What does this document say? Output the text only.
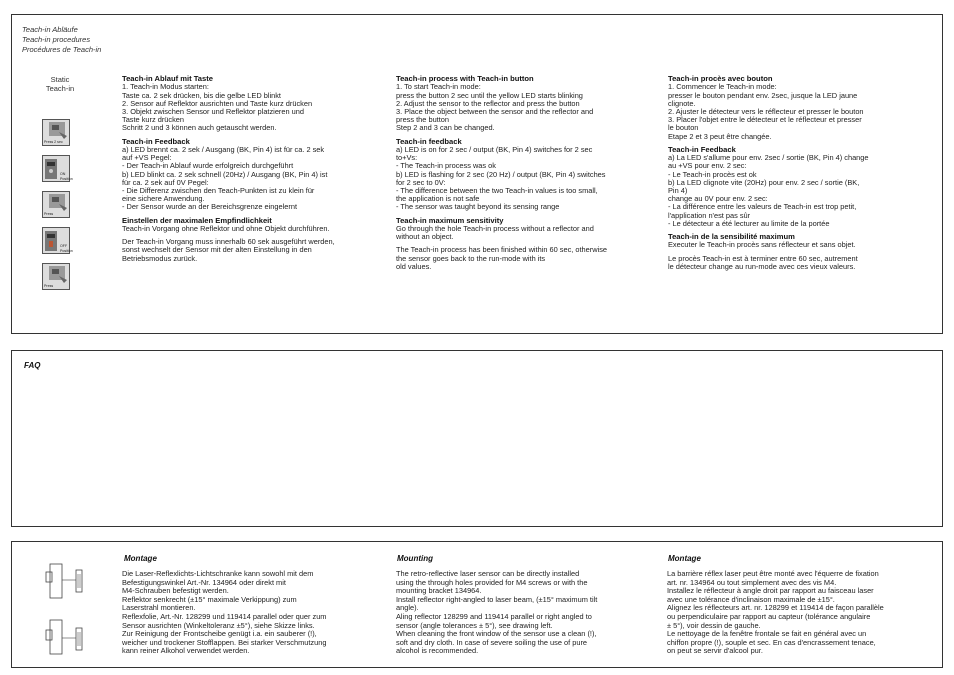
Teach-in Abläufe
Teach-in procedures
Procédures de Teach-in
Static
Teach-in
Press 2 sec
ON
Position
Press
OFF
Position
Press
Teach-in Ablauf mit Taste

1. Teach-in Modus starten:
Taste ca. 2 sek drücken, bis die gelbe LED blinkt
2. Sensor auf Reflektor ausrichten und Taste kurz drücken
3. Objekt zwischen Sensor und Reflektor platzieren und
Taste kurz drücken
Schritt 2 und 3 können auch getauscht werden.

Teach-in Feedback

a) LED brennt ca. 2 sek / Ausgang (BK, Pin 4) ist für ca. 2 sek
auf +VS Pegel:
- Der Teach-in Ablauf wurde erfolgreich durchgeführt
b) LED blinkt ca. 2 sek schnell (20Hz) / Ausgang (BK, Pin 4) ist
für ca. 2 sek auf 0V Pegel:
- Die Differenz zwischen den Teach-Punkten ist zu klein für
eine sichere Anwendung.
- Der Sensor wurde an der Bereichsgrenze eingelernt

Einstellen der maximalen Empfindlichkeit

Teach-in Vorgang ohne Reflektor und ohne Objekt durchführen.

Der Teach-in Vorgang muss innerhalb 60 sek ausgeführt werden,
sonst wechselt der Sensor mit der alten Einstellung in den
Betriebsmodus zurück.

Teach-in process with Teach-in button

1. To start Teach-in mode:
press the button 2 sec until the yellow LED starts blinking
2. Adjust the sensor to the reflector and press the button
3. Place the object between the sensor and the reflector and
press the button
Step 2 and 3 can be changed.

Teach-in feedback

a) LED is on for 2 sec / output (BK, Pin 4) switches for 2 sec
to+Vs:
- The Teach-in process was ok
b) LED is flashing for 2 sec (20 Hz) / output (BK, Pin 4) switches
for 2 sec to 0V:
- The difference between the two Teach-in values is too small,
the application is not safe
- The sensor was taught beyond its sensing range

Teach-in maximum sensitivity

Go through the hole Teach-in process without a reflector and
without an object.

The Teach-in process has been finished within 60 sec, otherwise
the sensor goes back to the run-mode with its
old values.

Teach-in procès avec bouton

1. Commencer le Teach-in mode:
presser le bouton pendant env. 2sec, jusque la LED jaune
clignote.
2. Ajuster le détecteur vers le réflecteur et presser le bouton
3. Placer l'objet entre le détecteur et le réflecteur et presser
le bouton
Etape 2 et 3 peut être changée.

Teach-in Feedback

a) La LED s'allume pour env. 2sec / sortie (BK, Pin 4) change
au +VS pour env. 2 sec:
- Le Teach-in procès est ok
b) La LED clignote vite (20Hz) pour env. 2 sec / sortie (BK,
Pin 4)
change au 0V pour env. 2 sec:
- La différence entre les valeurs de Teach-in est trop petit,
l'application n'est pas sûr
- Le détecteur a été lecturer au limite de la portée

Teach-in de la sensibilité maximum

Executer le Teach-in procès sans réflecteur et sans objet.

Le procès Teach-in est à terminer entre 60 sec, autrement
le détecteur change au run-mode avec ces vieux valeurs.

FAQ
Montage
Die Laser-Reflexlichts-Lichtschranke kann sowohl mit dem
Befestigungswinkel Art.-Nr. 134964 oder direkt mit
M4-Schrauben befestigt werden.
Reflektor senkrecht (±15° maximale Verkippung) zum
Laserstrahl montieren.
Reflexfolie, Art.-Nr. 128299 und 119414 parallel oder quer zum
Sensor ausrichten (Winkeltoleranz ±5°), siehe Skizze links.
Zur Reinigung der Frontscheibe genügt i.a. ein sauberer (!),
weicher und trockener Stofflappen. Bei starker Verschmutzung
kann reiner Alkohol verwendet werden.
Mounting
The retro-reflective laser sensor can be directly installed
using the through holes provided for M4 screws or with the
mounting bracket 134964.
Install reflector right-angled to laser beam, (±15° maximum tilt
angle).
Aling reflector 128299 and 119414 parallel or right angled to
sensor (angle tolerances ± 5°), see drawing left.
When cleaning the front window of the sensor use a clean (!),
soft and dry cloth. In case of severe soiling the use of pure
alcohol is recommended.
Montage
La barrière réflex laser peut être monté avec l'équerre de fixation
art. nr. 134964 ou tout simplement avec des vis M4.
Installez le réflecteur à angle droit par rapport au faisceau laser
avec une tolérance d'inclinaison maximale de ±15°.
Alignez les réflecteurs art. nr. 128299 et 119414 de façon parallèle
ou perpendiculaire par rapport au capteur (tolérance angulaire
± 5°), voir dessin de gauche.
Le nettoyage de la fenêtre frontale se fait en général avec un
chiffon propre (!), souple et sec. En cas d'encrassement tenace,
on peut se servir d'alcool pur.
